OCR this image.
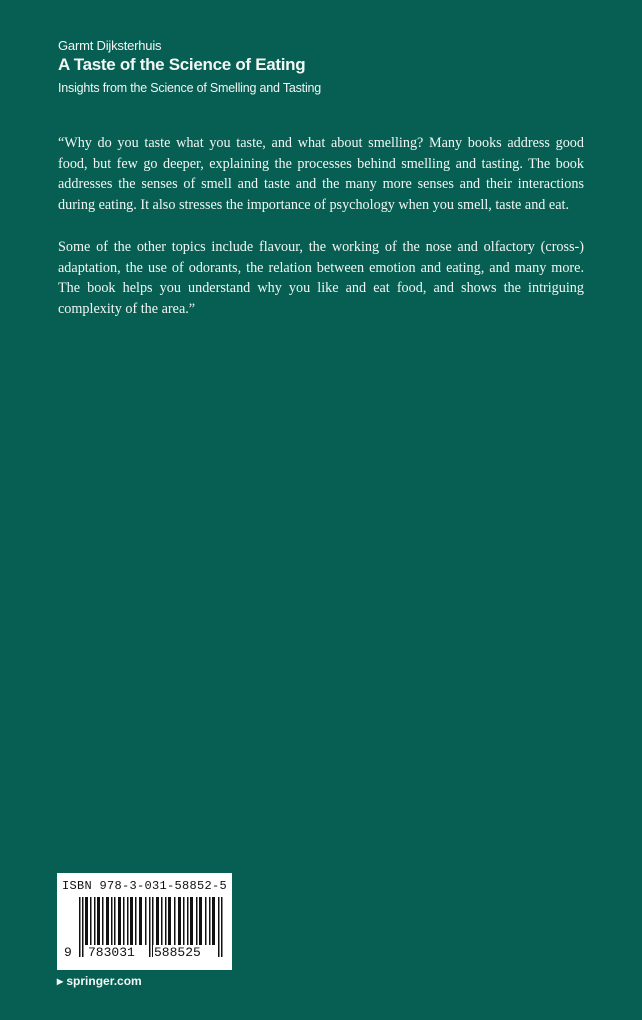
Garmt Dijksterhuis
A Taste of the Science of Eating
Insights from the Science of Smelling and Tasting

“Why do you taste what you taste, and what about smelling? Many books address good food, but few go deeper, explaining the processes behind smelling and tasting. The book addresses the senses of smell and taste and the many more senses and their interactions during eating. It also stresses the importance of psychology when you smell, taste and eat.

Some of the other topics include flavour, the working of the nose and olfactory (cross-) adaptation, the use of odorants, the relation between emotion and eating, and many more. The book helps you understand why you like and eat food, and shows the intriguing complexity of the area.”

ISBN 978-3-031-58852-5
9 783031 588525
▸ springer.com
